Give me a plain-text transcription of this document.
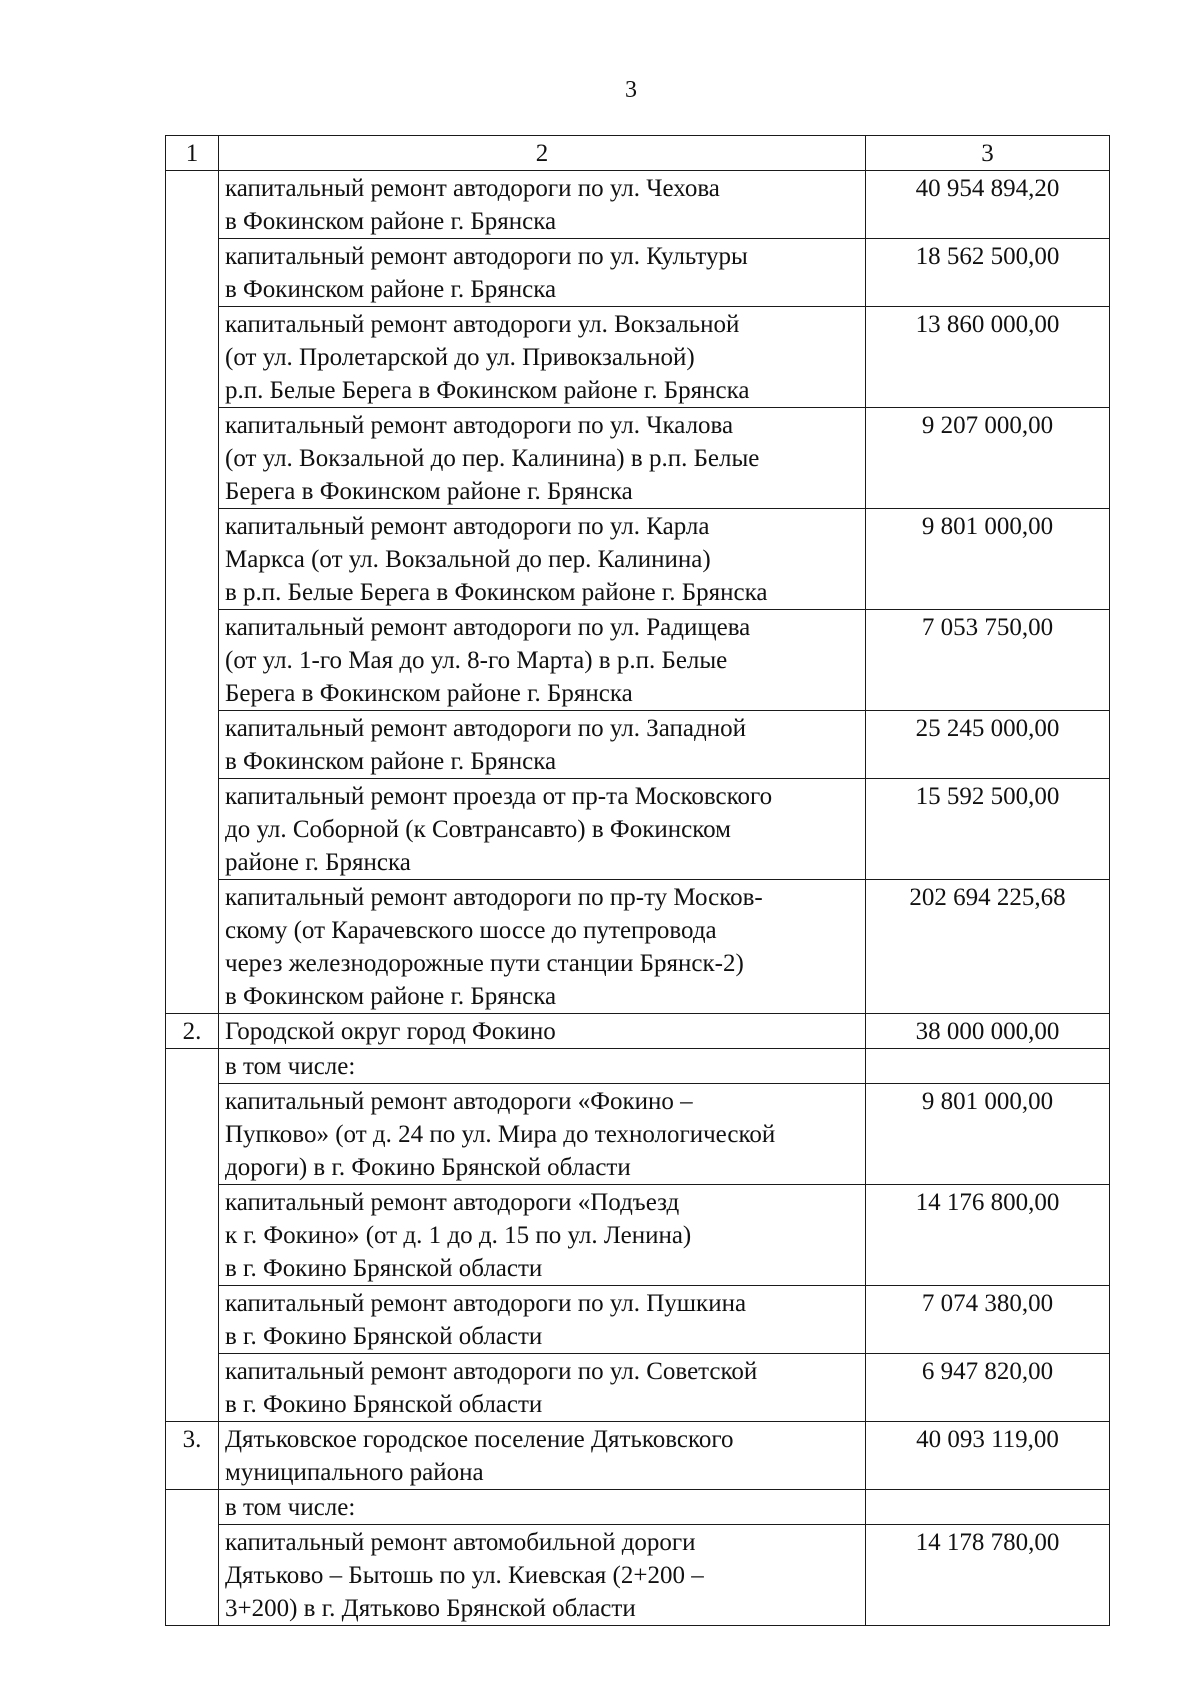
3
1	2	3
	капитальный ремонт автодороги по ул. Чехова
в Фокинском районе г. Брянска	40 954 894,20
	капитальный ремонт автодороги по ул. Культуры
в Фокинском районе г. Брянска	18 562 500,00
	капитальный ремонт автодороги ул. Вокзальной
(от ул. Пролетарской до ул. Привокзальной)
р.п. Белые Берега в Фокинском районе г. Брянска	13 860 000,00
	капитальный ремонт автодороги по ул. Чкалова
(от ул. Вокзальной до пер. Калинина) в р.п. Белые
Берега в Фокинском районе г. Брянска	9 207 000,00
	капитальный ремонт автодороги по ул. Карла
Маркса (от ул. Вокзальной до пер. Калинина)
в р.п. Белые Берега в Фокинском районе г. Брянска	9 801 000,00
	капитальный ремонт автодороги по ул. Радищева
(от ул. 1-го Мая до ул. 8-го Марта) в р.п. Белые
Берега в Фокинском районе г. Брянска	7 053 750,00
	капитальный ремонт автодороги по ул. Западной
в Фокинском районе г. Брянска	25 245 000,00
	капитальный ремонт проезда от пр-та Московского
до ул. Соборной (к Совтрансавто) в Фокинском
районе г. Брянска	15 592 500,00
	капитальный ремонт автодороги по пр-ту Москов-
скому (от Карачевского шоссе до путепровода
через железнодорожные пути станции Брянск-2)
в Фокинском районе г. Брянска	202 694 225,68
2.	Городской округ город Фокино	38 000 000,00
	в том числе:	
	капитальный ремонт автодороги «Фокино –
Пупково» (от д. 24 по ул. Мира до технологической
дороги) в г. Фокино Брянской области	9 801 000,00
	капитальный ремонт автодороги «Подъезд
к г. Фокино» (от д. 1 до д. 15 по ул. Ленина)
в г. Фокино Брянской области	14 176 800,00
	капитальный ремонт автодороги по ул. Пушкина
в г. Фокино Брянской области	7 074 380,00
	капитальный ремонт автодороги по ул. Советской
в г. Фокино Брянской области	6 947 820,00
3.	Дятьковское городское поселение Дятьковского
муниципального района	40 093 119,00
	в том числе:	
	капитальный ремонт автомобильной дороги
Дятьково – Бытошь по ул. Киевская (2+200 –
3+200) в г. Дятьково Брянской области	14 178 780,00
